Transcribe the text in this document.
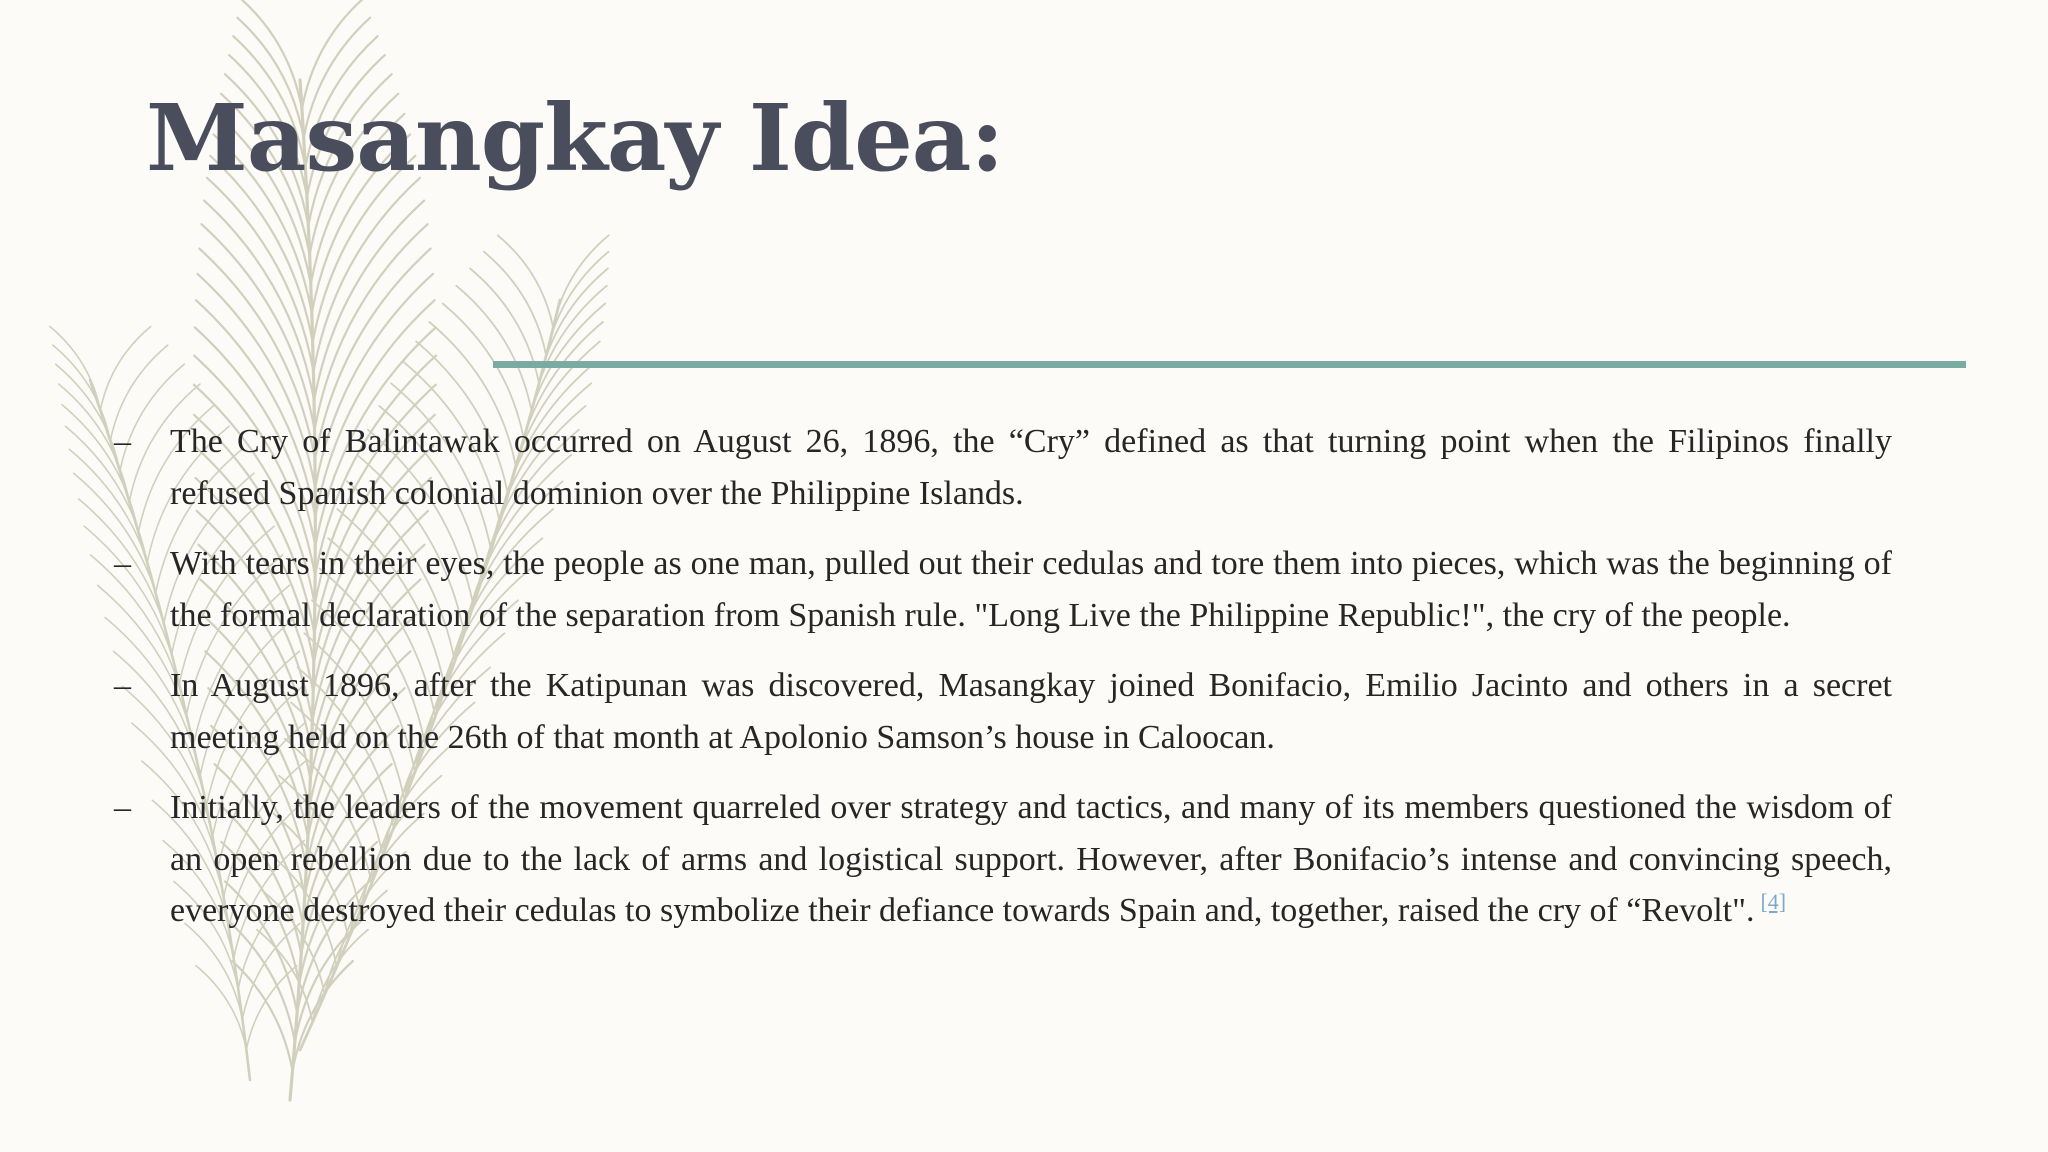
Masangkay Idea:
– The Cry of Balintawak occurred on August 26, 1896, the “Cry” defined as that turning point when the Filipinos finally refused Spanish colonial dominion over the Philippine Islands.
– With tears in their eyes, the people as one man, pulled out their cedulas and tore them into pieces, which was the beginning of the formal declaration of the separation from Spanish rule. "Long Live the Philippine Republic!", the cry of the people.
– In August 1896, after the Katipunan was discovered, Masangkay joined Bonifacio, Emilio Jacinto and others in a secret meeting held on the 26th of that month at Apolonio Samson’s house in Caloocan.
– Initially, the leaders of the movement quarreled over strategy and tactics, and many of its members questioned the wisdom of an open rebellion due to the lack of arms and logistical support. However, after Bonifacio’s intense and convincing speech, everyone destroyed their cedulas to symbolize their defiance towards Spain and, together, raised the cry of “Revolt". [4]
